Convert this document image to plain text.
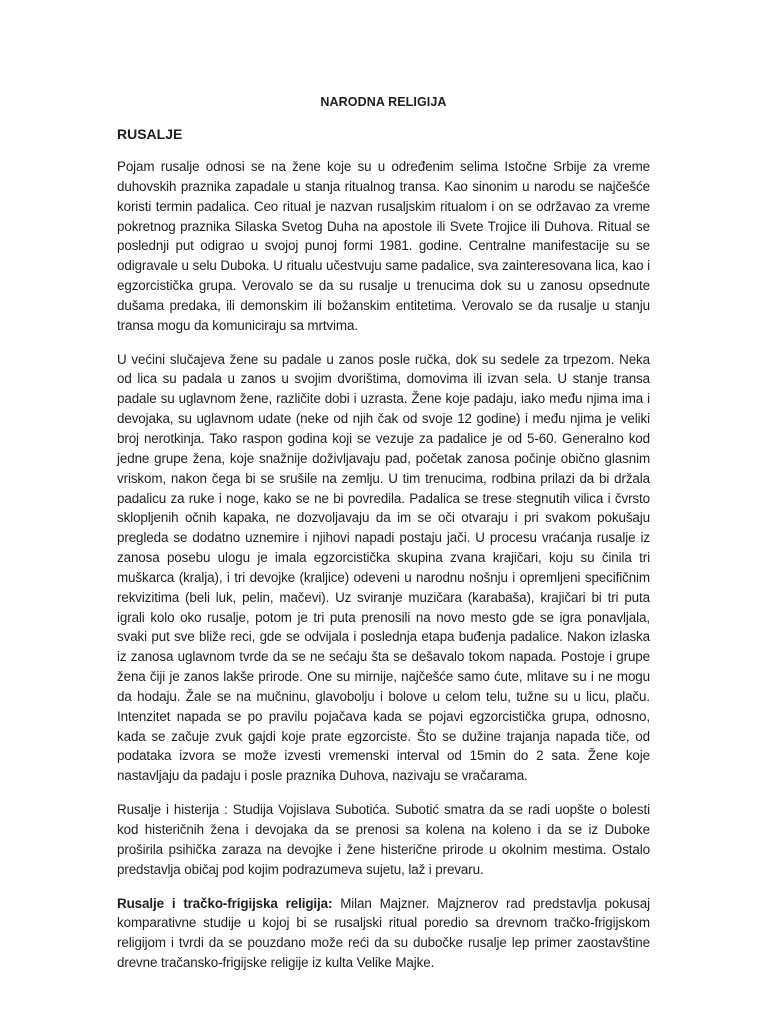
NARODNA RELIGIJA
RUSALJE

Pojam rusalje odnosi se na žene koje su u određenim selima Istočne Srbije za vreme duhovskih praznika zapadale u stanja ritualnog transa. Kao sinonim u narodu se najčešće koristi termin padalica. Ceo ritual je nazvan rusaljskim ritualom i on se održavao za vreme pokretnog praznika Silaska Svetog Duha na apostole ili Svete Trojice ili Duhova. Ritual se poslednji put odigrao u svojoj punoj formi 1981. godine. Centralne manifestacije su se odigravale u selu Duboka. U ritualu učestvuju same padalice, sva zainteresovana lica, kao i egzorcistička grupa. Verovalo se da su rusalje u trenucima dok su u zanosu opsednute dušama predaka, ili demonskim ili božanskim entitetima. Verovalo se da rusalje u stanju transa mogu da komuniciraju sa mrtvima.

U većini slučajeva žene su padale u zanos posle ručka, dok su sedele za trpezom. Neka od lica su padala u zanos u svojim dvorištima, domovima ili izvan sela. U stanje transa padale su uglavnom žene, različite dobi i uzrasta. Žene koje padaju, iako među njima ima i devojaka, su uglavnom udate (neke od njih čak od svoje 12 godine) i među njima je veliki broj nerotkinja. Tako raspon godina koji se vezuje za padalice je od 5-60. Generalno kod jedne grupe žena, koje snažnije doživljavaju pad, početak zanosa počinje obično glasnim vriskom, nakon čega bi se srušile na zemlju. U tim trenucima, rodbina prilazi da bi držala padalicu za ruke i noge, kako se ne bi povredila. Padalica se trese stegnutih vilica i čvrsto sklopljenih očnih kapaka, ne dozvoljavaju da im se oči otvaraju i pri svakom pokušaju pregleda se dodatno uznemire i njihovi napadi postaju jači. U procesu vraćanja rusalje iz zanosa posebu ulogu je imala egzorcistička skupina zvana krajičari, koju su činila tri muškarca (kralja), i tri devojke (kraljice) odeveni u narodnu nošnju i opremljeni specifičnim rekvizitima (beli luk, pelin, mačevi). Uz sviranje muzičara (karabaša), krajičari bi tri puta igrali kolo oko rusalje, potom je tri puta prenosili na novo mesto gde se igra ponavljala, svaki put sve bliže reci, gde se odvijala i poslednja etapa buđenja padalice. Nakon izlaska iz zanosa uglavnom tvrde da se ne sećaju šta se dešavalo tokom napada. Postoje i grupe žena čiji je zanos lakše prirode. One su mirnije, najčešće samo ćute, mlitave su i ne mogu da hodaju. Žale se na mučninu, glavobolju i bolove u celom telu, tužne su u licu, plaču. Intenzitet napada se po pravilu pojačava kada se pojavi egzorcistička grupa, odnosno, kada se začuje zvuk gajdi koje prate egzorciste. Što se dužine trajanja napada tiče, od podataka izvora se može izvesti vremenski interval od 15min do 2 sata. Žene koje nastavljaju da padaju i posle praznika Duhova, nazivaju se vračarama.

Rusalje i histerija : Studija Vojislava Subotića. Subotić smatra da se radi uopšte o bolesti kod histeričnih žena i devojaka da se prenosi sa kolena na koleno i da se iz Duboke proširila psihička zaraza na devojke i žene histerične prirode u okolnim mestima. Ostalo predstavlja običaj pod kojim podrazumeva sujetu, laž i prevaru.

Rusalje i tračko-frigijska religija: Milan Majzner. Majznerov rad predstavlja pokusaj komparativne studije u kojoj bi se rusaljski ritual poredio sa drevnom tračko-frigijskom religijom i tvrdi da se pouzdano može reći da su dubočke rusalje lep primer zaostavštine drevne tračansko-frigijske religije iz kulta Velike Majke.
